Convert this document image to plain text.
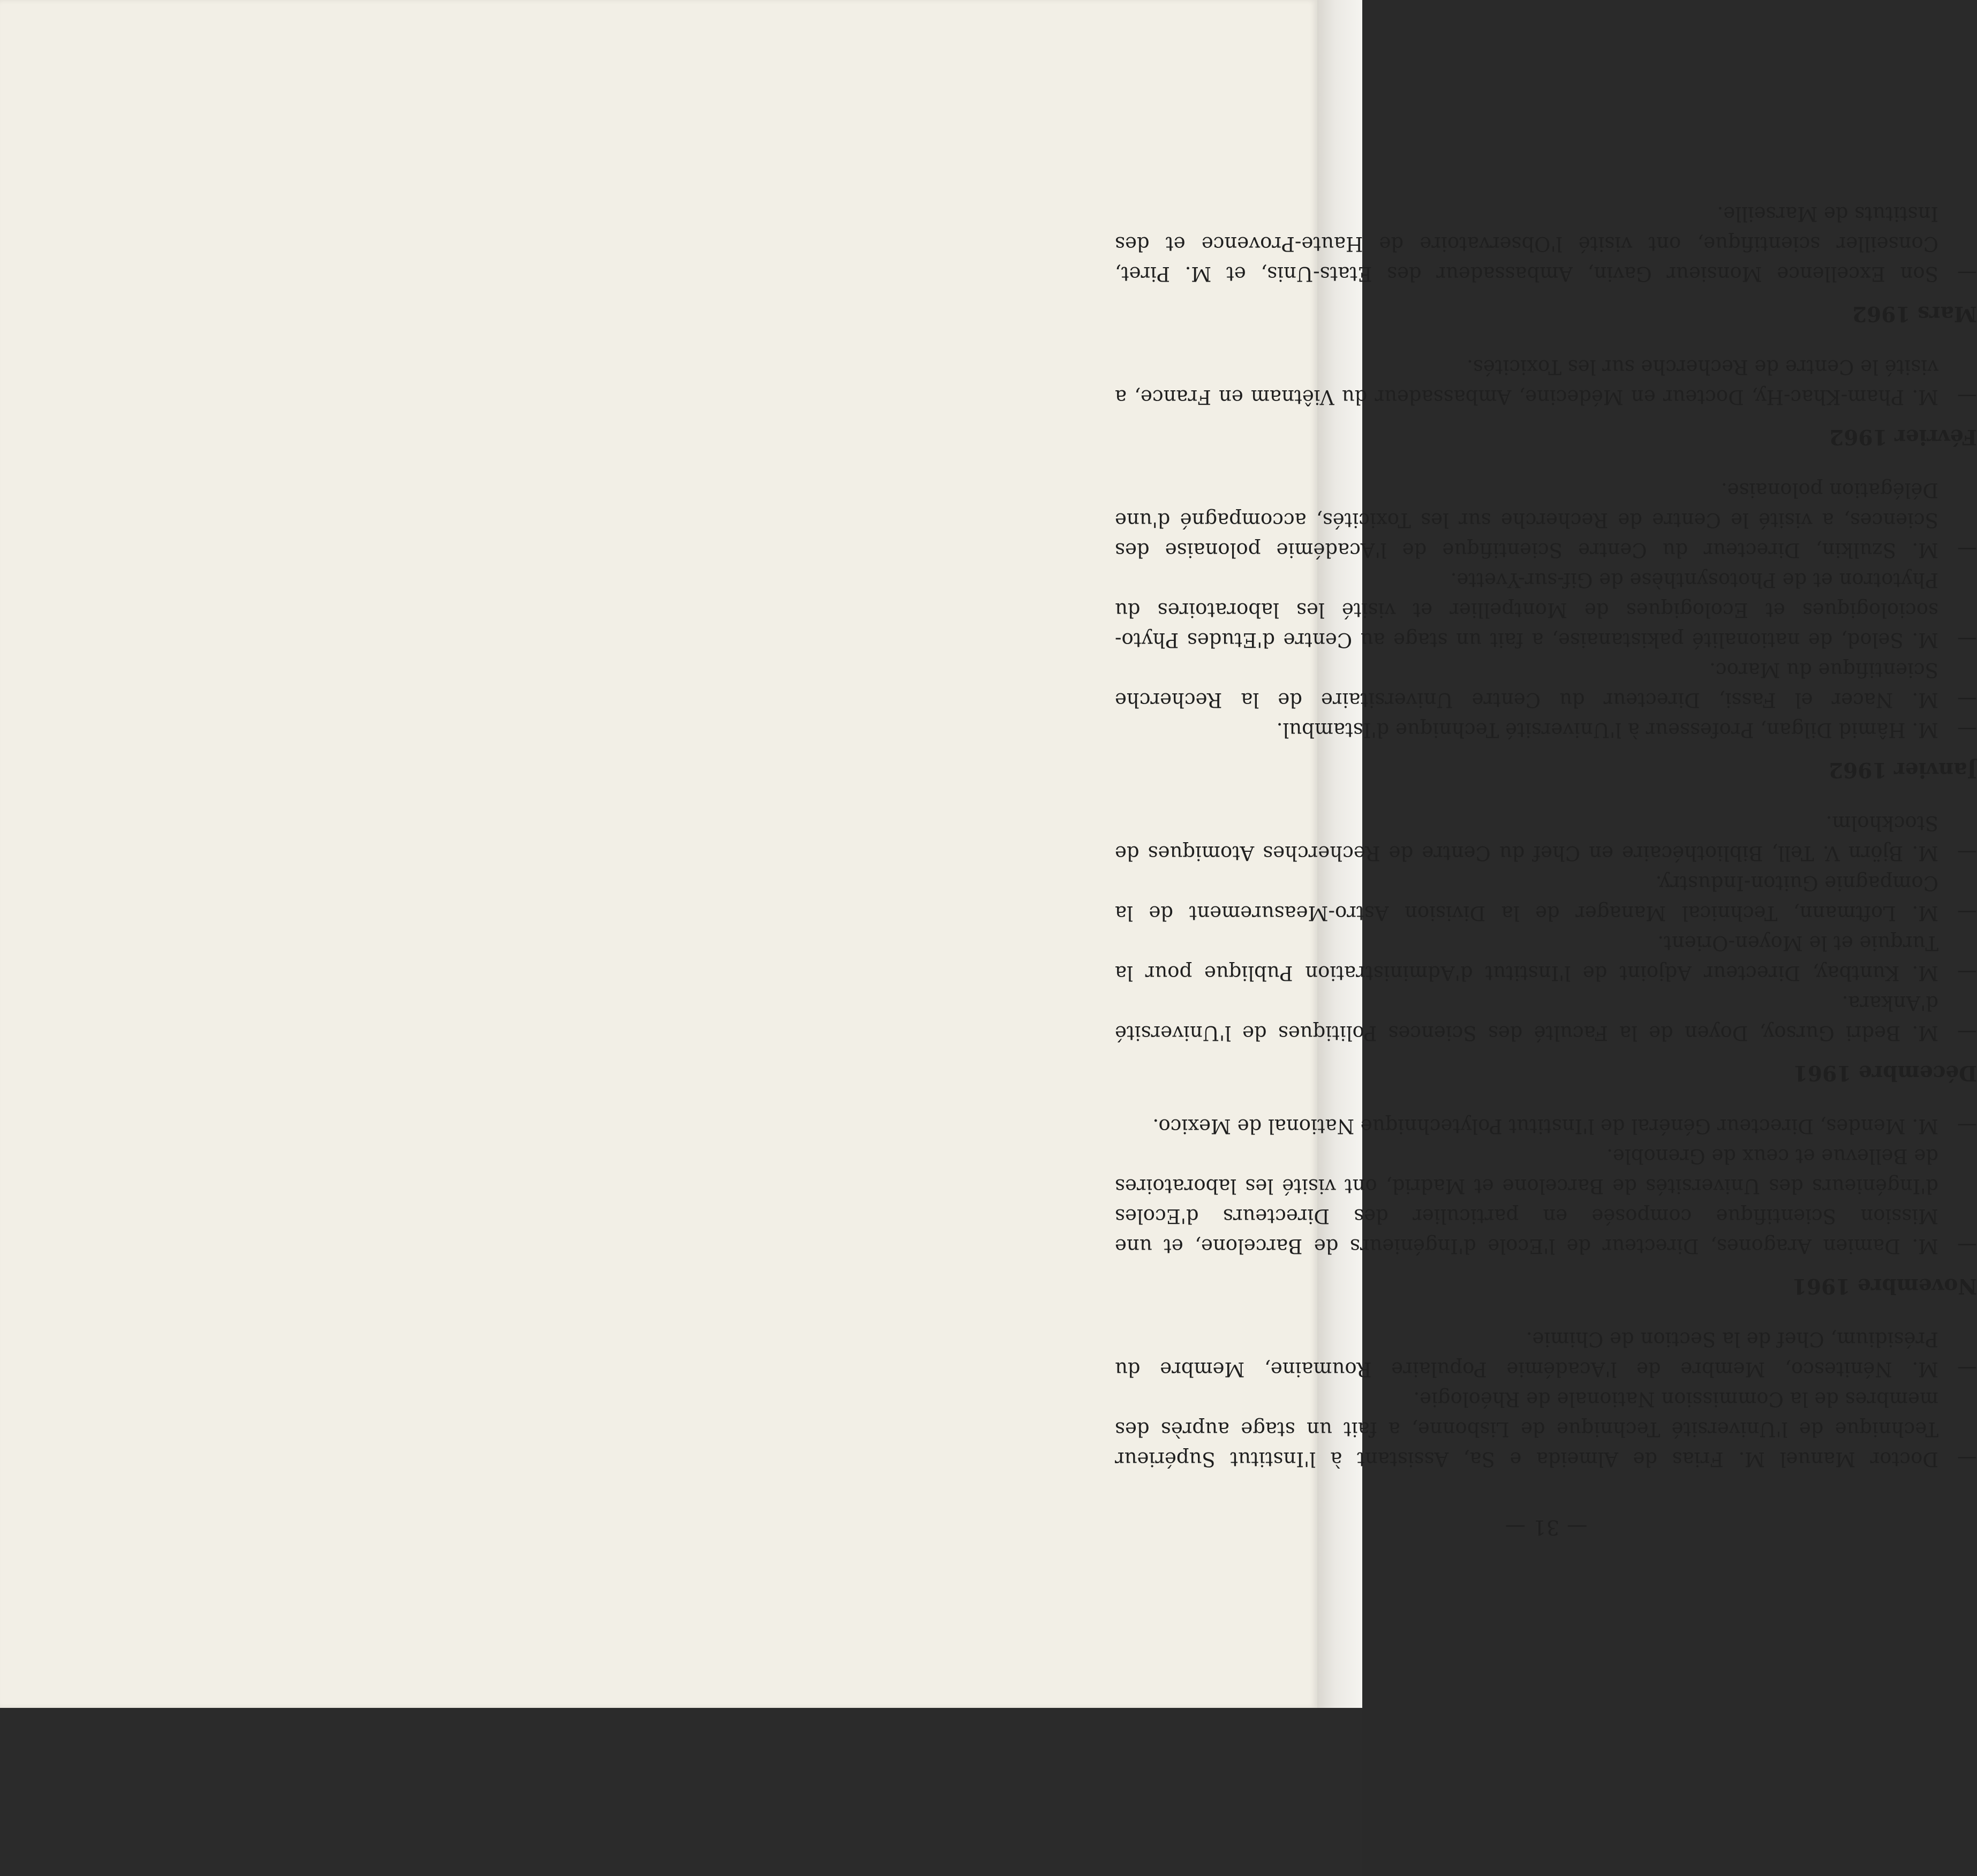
— 31 —

—
Doctor Manuel M. Frias de Almeida e Sa, Assistant à l'Institut Supérieur Technique de l'Université Technique de Lisbonne, a fait un stage auprès des membres de la Commission Nationale de Rhéologie.

—
M. Nénitesco, Membre de l'Académie Populaire Roumaine, Membre du Présidium, Chef de la Section de Chimie.

Novembre 1961

—
M. Damien Aragones, Directeur de l'Ecole d'Ingénieurs de Barcelone, et une Mission Scientifique composée en particulier des Directeurs d'Ecoles d'Ingénieurs des Universités de Barcelone et Madrid, ont visité les laboratoires de Bellevue et ceux de Grenoble.

—
M. Mendes, Directeur Général de l'Institut Polytechnique National de Mexico.

Décembre 1961

—
M. Bedri Gursoy, Doyen de la Faculté des Sciences Politiques de l'Université d'Ankara.

—
M. Kuntbay, Directeur Adjoint de l'Institut d'Administration Publique pour la Turquie et le Moyen-Orient.

—
M. Loftmann, Technical Manager de la Division Astro-Measurement de la Compagnie Guiton-Industry.

—
M. Björn V. Tell, Bibliothécaire en Chef du Centre de Recherches Atomiques de Stockholm.

Janvier 1962

—
M. Hâmid Dilgan, Professeur à l'Université Technique d'Istambul.

—
M. Nacer el Fassi, Directeur du Centre Universitaire de la Recherche Scientifique du Maroc.

—
M. Selod, de nationalité pakistanaise, a fait un stage au Centre d'Etudes Phyto-sociologiques et Ecologiques de Montpellier et visité les laboratoires du Phytotron et de Photosynthèse de Gif-sur-Yvette.

—
M. Szulkin, Directeur du Centre Scientifique de l'Académie polonaise des Sciences, a visité le Centre de Recherche sur les Toxicités, accompagné d'une Délégation polonaise.

Février 1962

—
M. Pham-Khac-Hy, Docteur en Médecine, Ambassadeur du Viêtnam en France, a visité le Centre de Recherche sur les Toxicités.

Mars 1962

—
Son Excellence Monsieur Gavin, Ambassadeur des Etats-Unis, et M. Piret, Conseiller scientifique, ont visité l'Observatoire de Haute-Provence et des Instituts de Marseille.
